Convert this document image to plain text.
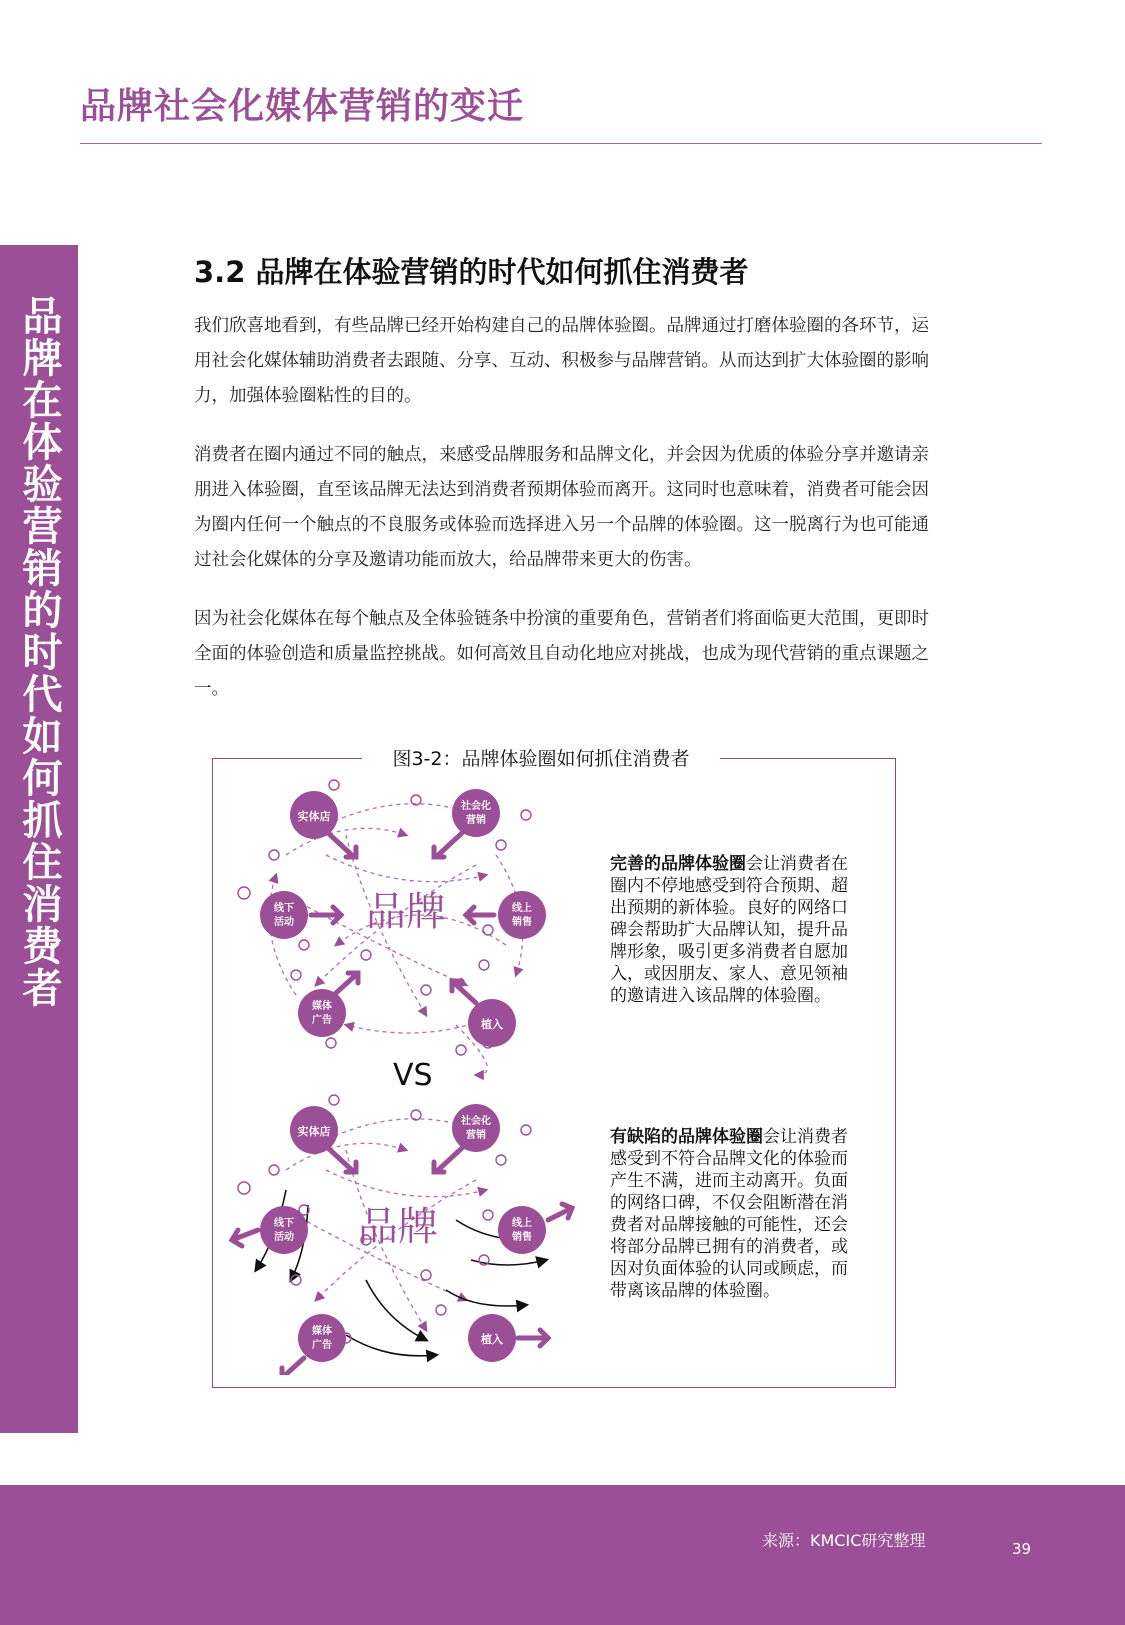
品牌社会化媒体营销的变迁
品牌在体验营销的时代如何抓住消费者
3.2 品牌在体验营销的时代如何抓住消费者

我们欣喜地看到，有些品牌已经开始构建自己的品牌体验圈。品牌通过打磨体验圈的各环节，运用社会化媒体辅助消费者去跟随、分享、互动、积极参与品牌营销。从而达到扩大体验圈的影响力，加强体验圈粘性的目的。

消费者在圈内通过不同的触点，来感受品牌服务和品牌文化，并会因为优质的体验分享并邀请亲朋进入体验圈，直至该品牌无法达到消费者预期体验而离开。这同时也意味着，消费者可能会因为圈内任何一个触点的不良服务或体验而选择进入另一个品牌的体验圈。这一脱离行为也可能通过社会化媒体的分享及邀请功能而放大，给品牌带来更大的伤害。

因为社会化媒体在每个触点及全体验链条中扮演的重要角色，营销者们将面临更大范围，更即时全面的体验创造和质量监控挑战。如何高效且自动化地应对挑战，也成为现代营销的重点课题之一。

图3-2：品牌体验圈如何抓住消费者
实体店
社会化
营销
线下
活动
线上
销售
媒体
广告	植入
品牌
实体店
社会化
营销
线下
活动
线上
销售
媒体
广告	植入
品牌
VS

完善的品牌体验圈会让消费者在圈内不停地感受到符合预期、超出预期的新体验。良好的网络口碑会帮助扩大品牌认知，提升品牌形象，吸引更多消费者自愿加入，或因朋友、家人、意见领袖的邀请进入该品牌的体验圈。

有缺陷的品牌体验圈会让消费者感受到不符合品牌文化的体验而产生不满，进而主动离开。负面的网络口碑，不仅会阻断潜在消费者对品牌接触的可能性，还会将部分品牌已拥有的消费者，或因对负面体验的认同或顾虑，而带离该品牌的体验圈。

来源：KMCIC研究整理	39
